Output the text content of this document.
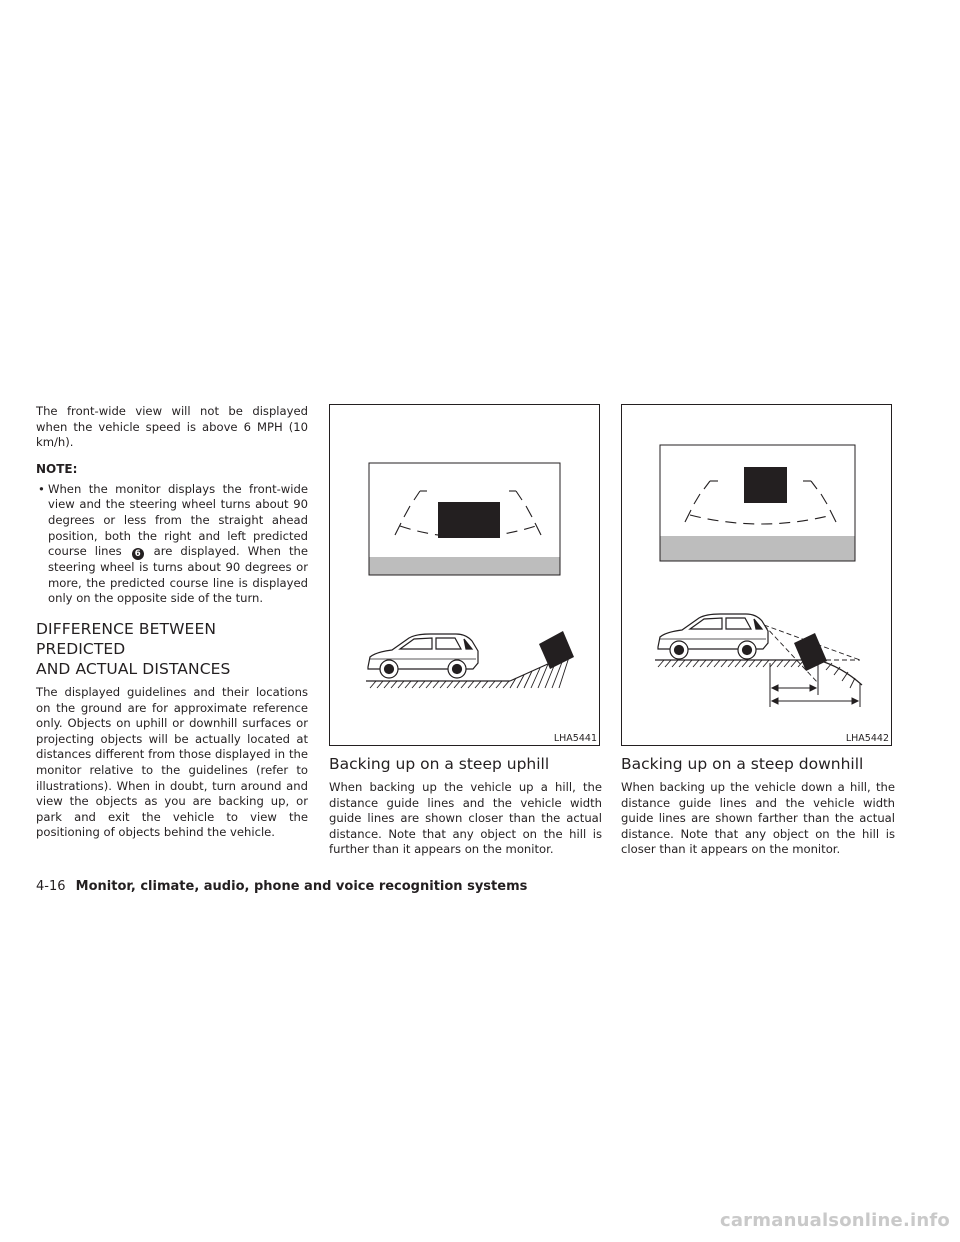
The front-wide view will not be displayed when the vehicle speed is above 6 MPH (10 km/h).

NOTE:
• When the monitor displays the front-wide view and the steering wheel turns about 90 degrees or less from the straight ahead position, both the right and left predicted course lines 6 are displayed. When the steering wheel is turns about 90 degrees or more, the predicted course line is displayed only on the opposite side of the turn.
DIFFERENCE BETWEEN PREDICTED
AND ACTUAL DISTANCES

The displayed guidelines and their locations on the ground are for approximate reference only. Objects on uphill or downhill surfaces or projecting objects will be actually located at distances different from those displayed in the monitor relative to the guidelines (refer to illustrations). When in doubt, turn around and view the objects as you are backing up, or park and exit the vehicle to view the positioning of objects behind the vehicle.

LHA5441
Backing up on a steep uphill

When backing up the vehicle up a hill, the distance guide lines and the vehicle width guide lines are shown closer than the actual distance. Note that any object on the hill is further than it appears on the monitor.

LHA5442
Backing up on a steep downhill

When backing up the vehicle down a hill, the distance guide lines and the vehicle width guide lines are shown farther than the actual distance. Note that any object on the hill is closer than it appears on the monitor.

4-16 Monitor, climate, audio, phone and voice recognition systems
carmanualsonline.info
